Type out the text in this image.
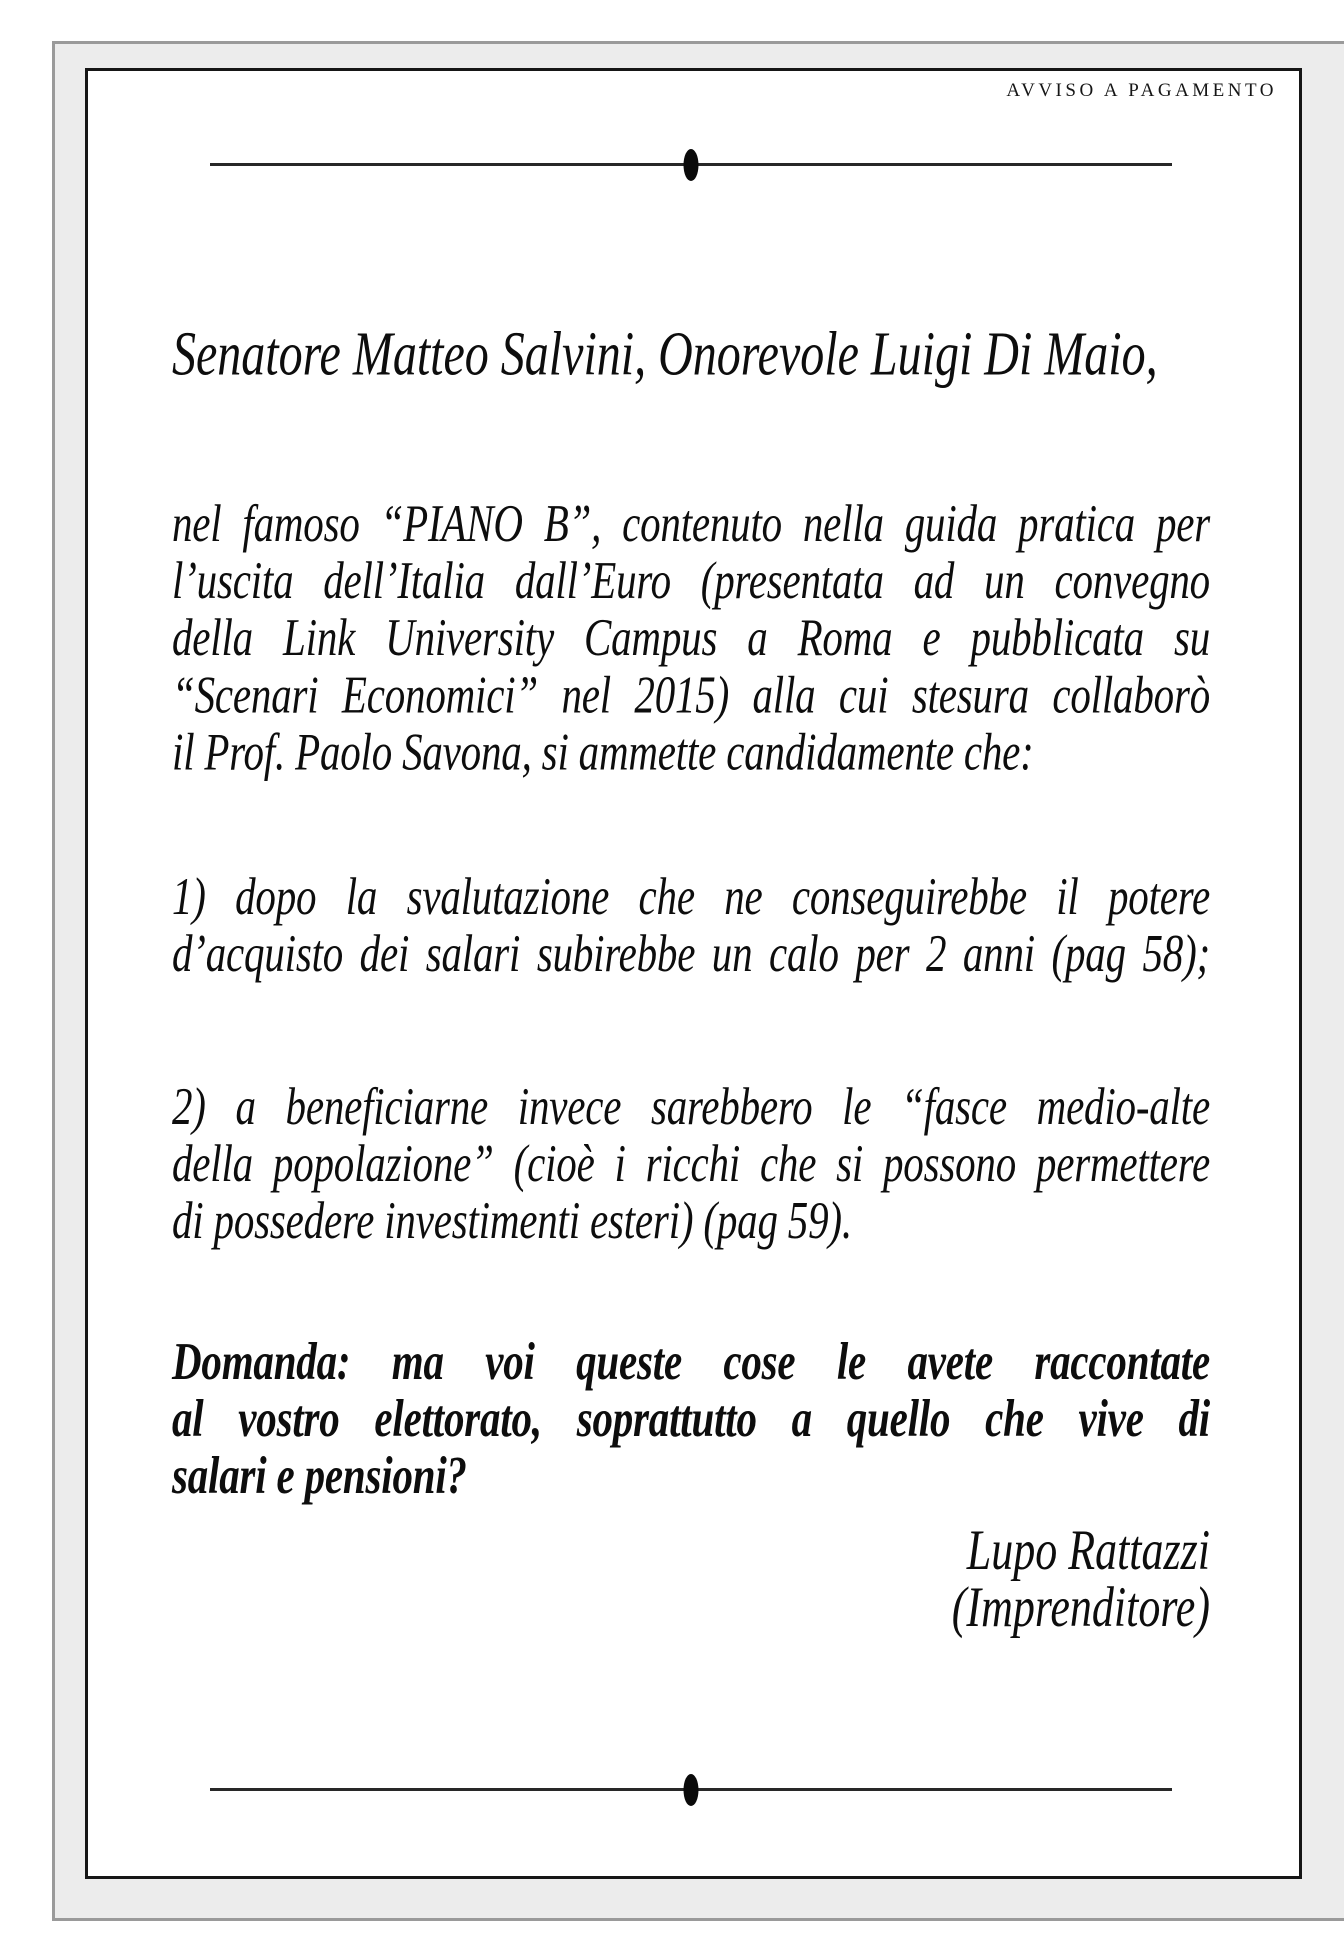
AVVISO A PAGAMENTO
Senatore Matteo Salvini, Onorevole Luigi Di Maio,
nel famoso “PIANO B”, contenuto nella guida pratica per
l’uscita dell’Italia dall’Euro (presentata ad un convegno
della Link University Campus a Roma e pubblicata su
“Scenari Economici” nel 2015) alla cui stesura collaborò
il Prof. Paolo Savona, si ammette candidamente che:
1) dopo la svalutazione che ne conseguirebbe il potere
d’acquisto dei salari subirebbe un calo per 2 anni (pag 58);
2) a beneficiarne invece sarebbero le “fasce medio-alte
della popolazione” (cioè i ricchi che si possono permettere
di possedere investimenti esteri) (pag 59).
Domanda: ma voi queste cose le avete raccontate
al vostro elettorato, soprattutto a quello che vive di
salari e pensioni?
Lupo Rattazzi
(Imprenditore)
